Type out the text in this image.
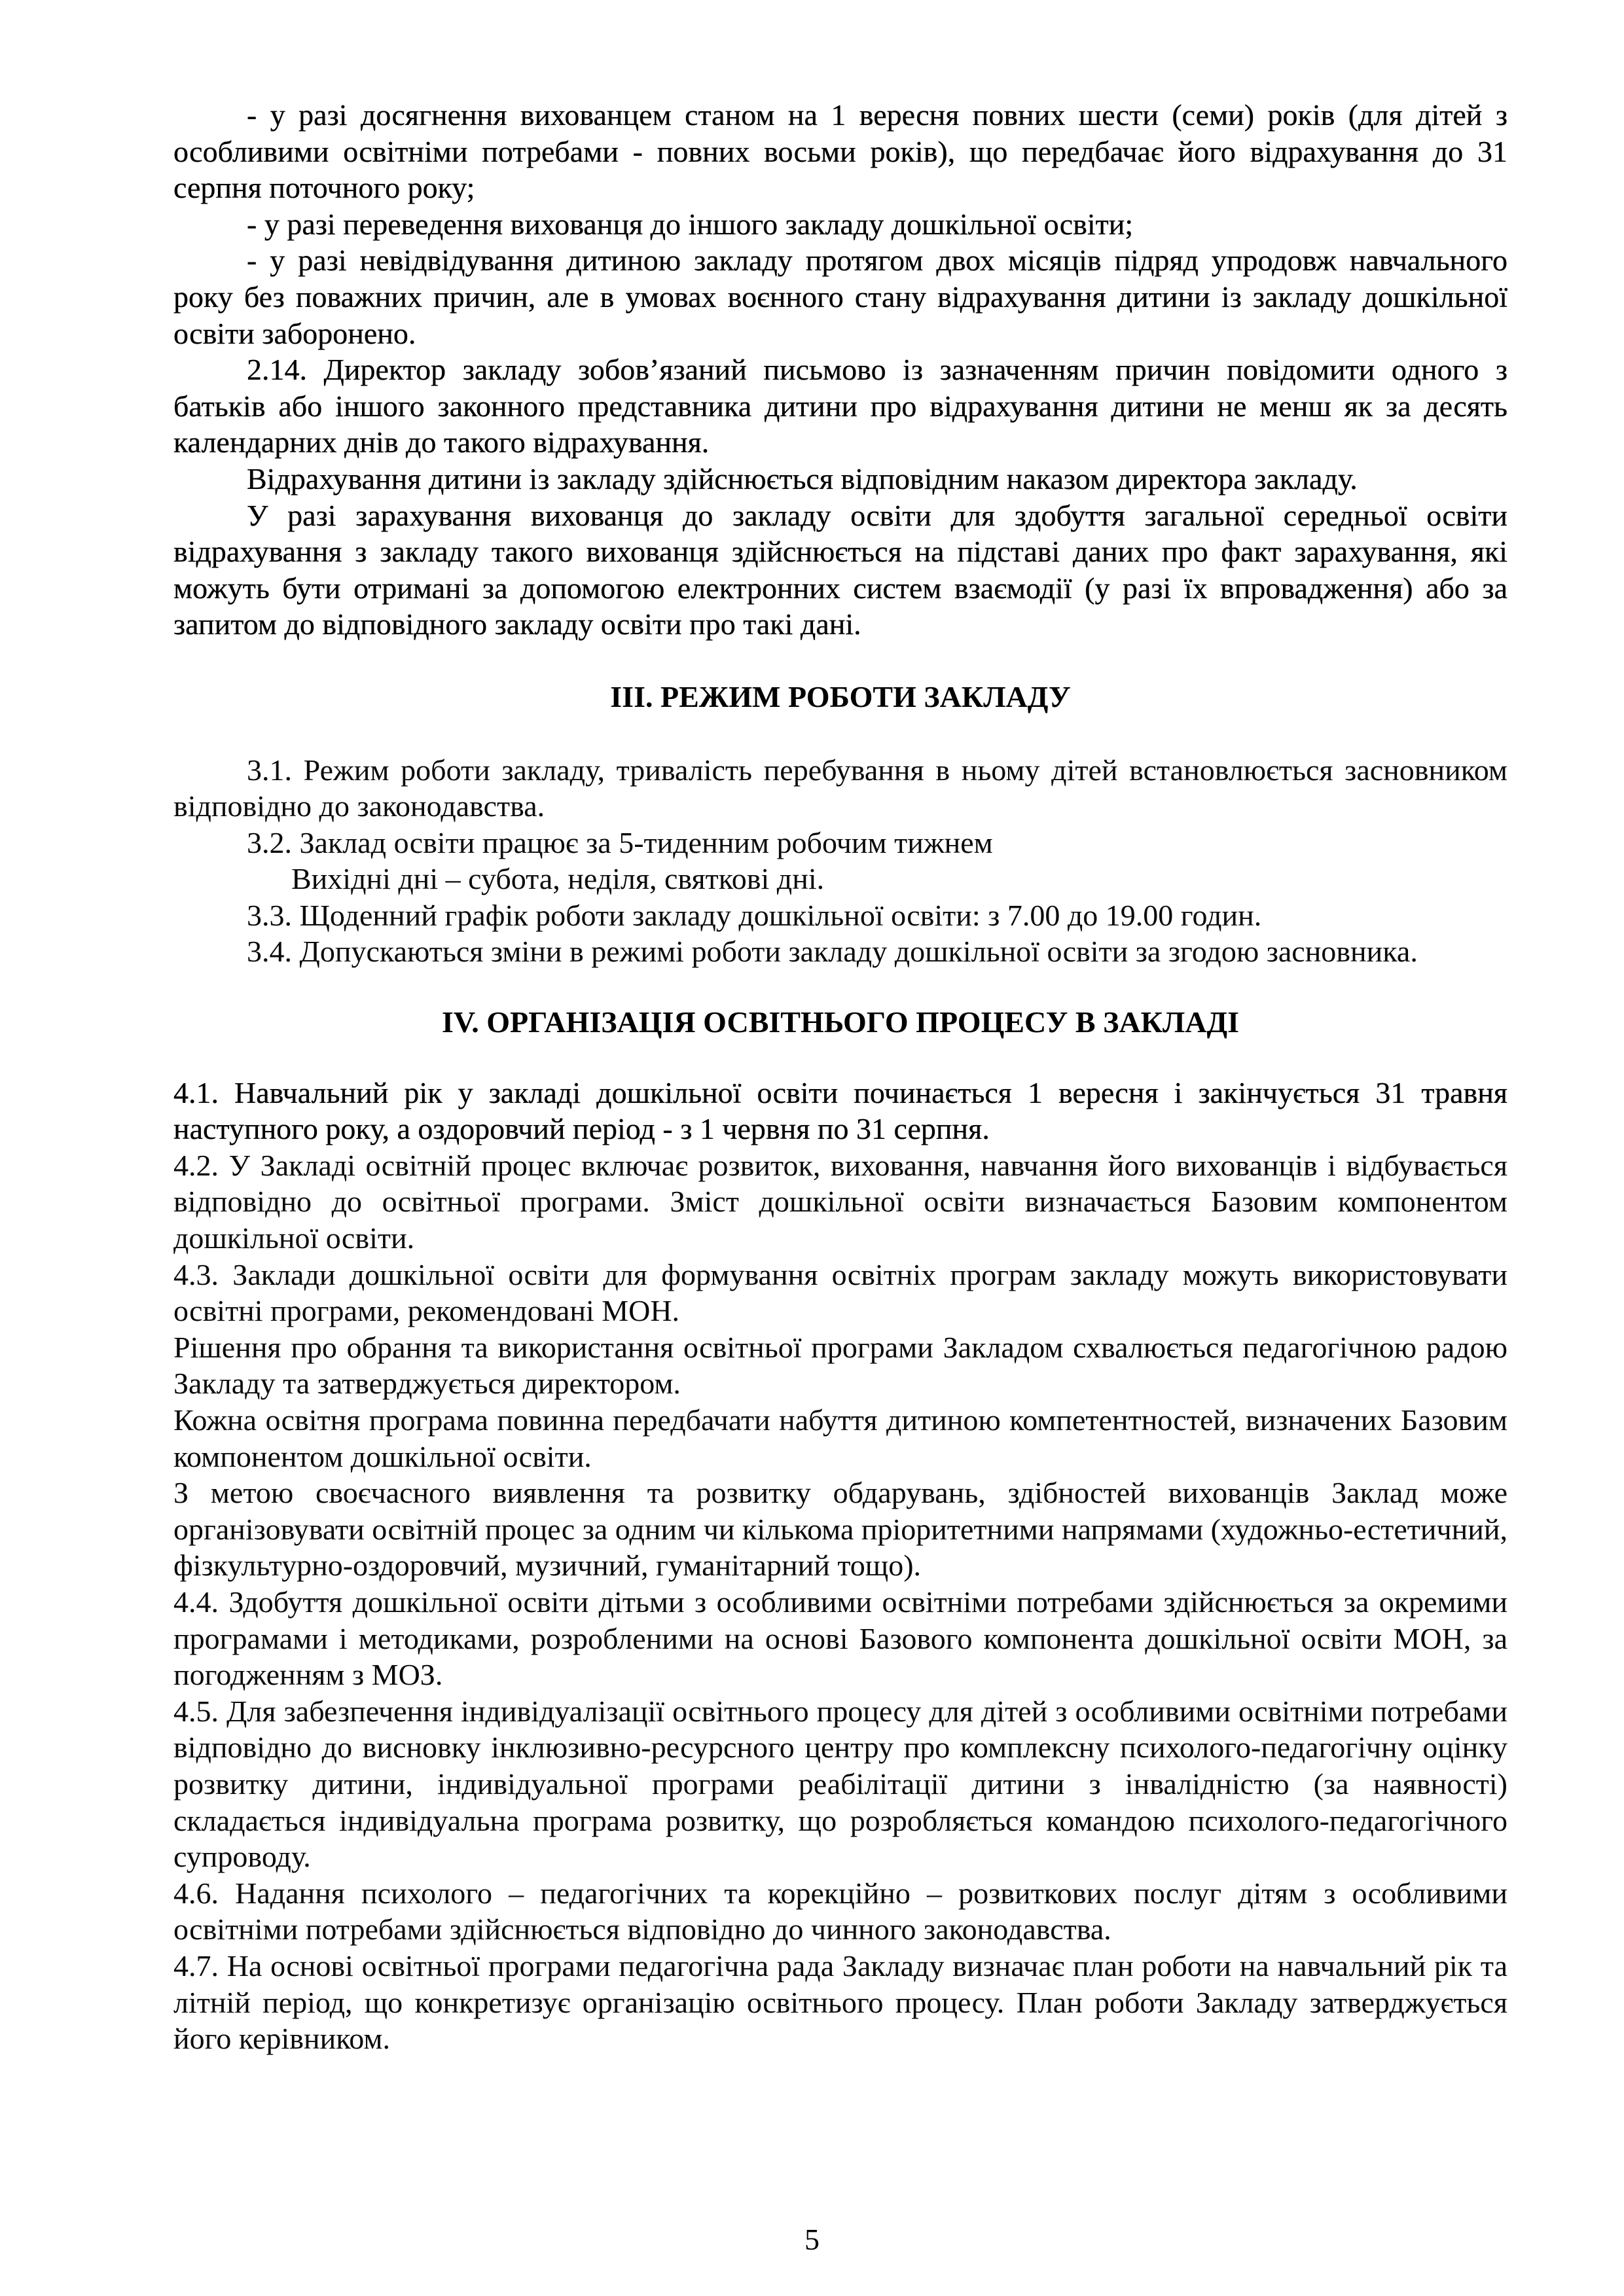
- у разі досягнення вихованцем станом на 1 вересня повних шести (семи) років (для дітей з особливими освітніми потребами - повних восьми років), що передбачає його відрахування до 31 серпня поточного року;

- у разі переведення вихованця до іншого закладу дошкільної освіти;

- у разі невідвідування дитиною закладу протягом двох місяців підряд упродовж навчального року без поважних причин, але в умовах воєнного стану відрахування дитини із закладу дошкільної освіти заборонено.

2.14. Директор закладу зобов’язаний письмово із зазначенням причин повідомити одного з батьків або іншого законного представника дитини про відрахування дитини не менш як за десять календарних днів до такого відрахування.

Відрахування дитини із закладу здійснюється відповідним наказом директора закладу.

У разі зарахування вихованця до закладу освіти для здобуття загальної середньої освіти відрахування з закладу такого вихованця здійснюється на підставі даних про факт зарахування, які можуть бути отримані за допомогою електронних систем взаємодії (у разі їх впровадження) або за запитом до відповідного закладу освіти про такі дані.

ІІІ. РЕЖИМ РОБОТИ ЗАКЛАДУ

3.1. Режим роботи закладу, тривалість перебування в ньому дітей встановлюється засновником відповідно до законодавства.

3.2. Заклад освіти працює за 5-тиденним робочим тижнем

Вихідні дні – субота, неділя, святкові дні.

3.3. Щоденний графік роботи закладу дошкільної освіти: з 7.00 до 19.00 годин.

3.4. Допускаються зміни в режимі роботи закладу дошкільної освіти за згодою засновника.

IV. ОРГАНІЗАЦІЯ ОСВІТНЬОГО ПРОЦЕСУ В ЗАКЛАДІ

4.1. Навчальний рік у закладі дошкільної освіти починається 1 вересня і закінчується 31 травня наступного року, а оздоровчий період - з 1 червня по 31 серпня.

4.2. У Закладі освітній процес включає розвиток, виховання, навчання його вихованців і відбувається відповідно до освітньої програми. Зміст дошкільної освіти визначається Базовим компонентом дошкільної освіти.

4.3. Заклади дошкільної освіти для формування освітніх програм закладу можуть використовувати освітні програми, рекомендовані МОН.

Рішення про обрання та використання освітньої програми Закладом схвалюється педагогічною радою Закладу та затверджується директором.

Кожна освітня програма повинна передбачати набуття дитиною компетентностей, визначених Базовим компонентом дошкільної освіти.

З метою своєчасного виявлення та розвитку обдарувань, здібностей вихованців Заклад може організовувати освітній процес за одним чи кількома пріоритетними напрямами (художньо-естетичний, фізкультурно-оздоровчий, музичний, гуманітарний тощо).

4.4. Здобуття дошкільної освіти дітьми з особливими освітніми потребами здійснюється за окремими програмами і методиками, розробленими на основі Базового компонента дошкільної освіти МОН, за погодженням з МОЗ.

4.5. Для забезпечення індивідуалізації освітнього процесу для дітей з особливими освітніми потребами відповідно до висновку інклюзивно-ресурсного центру про комплексну психолого-педагогічну оцінку розвитку дитини, індивідуальної програми реабілітації дитини з інвалідністю (за наявності) складається індивідуальна програма розвитку, що розробляється командою психолого-педагогічного супроводу.

4.6. Надання психолого – педагогічних та корекційно – розвиткових послуг дітям з особливими освітніми потребами здійснюється відповідно до чинного законодавства.

4.7. На основі освітньої програми педагогічна рада Закладу визначає план роботи на навчальний рік та літній період, що конкретизує організацію освітнього процесу. План роботи Закладу затверджується його керівником.

5
